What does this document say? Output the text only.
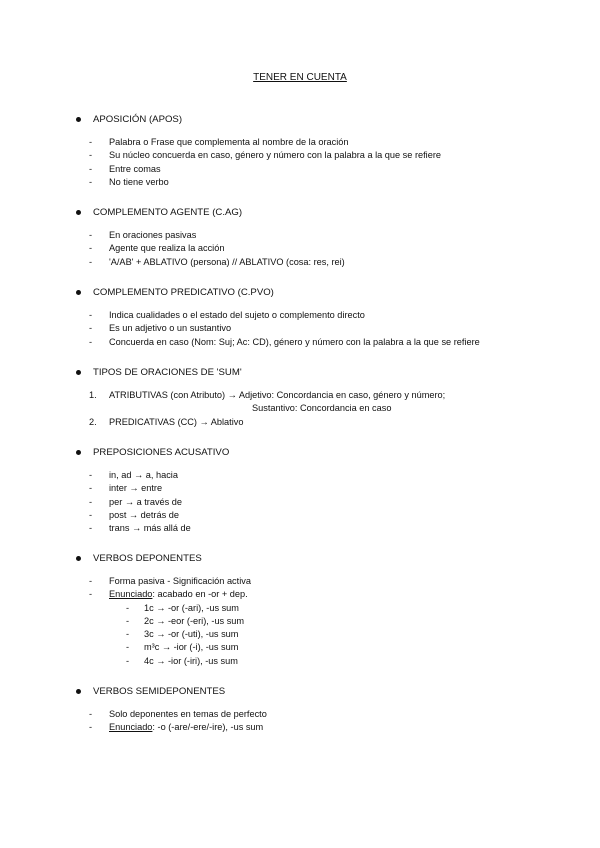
TENER EN CUENTA
APOSICIÓN (APOS)
- Palabra o Frase que complementa al nombre de la oración
- Su núcleo concuerda en caso, género y número con la palabra a la que se refiere
- Entre comas
- No tiene verbo
COMPLEMENTO AGENTE (C.AG)
- En oraciones pasivas
- Agente que realiza la acción
- 'A/AB' + ABLATIVO (persona) // ABLATIVO (cosa: res, rei)
COMPLEMENTO PREDICATIVO (C.PVO)
- Indica cualidades o el estado del sujeto o complemento directo
- Es un adjetivo o un sustantivo
- Concuerda en caso (Nom: Suj; Ac: CD), género y número con la palabra a la que se refiere
TIPOS DE ORACIONES DE 'SUM'
1. ATRIBUTIVAS (con Atributo) → Adjetivo: Concordancia en caso, género y número;
Sustantivo: Concordancia en caso
2. PREDICATIVAS (CC) → Ablativo
PREPOSICIONES ACUSATIVO
- in, ad → a, hacia
- inter → entre
- per → a través de
- post → detrás de
- trans → más allá de
VERBOS DEPONENTES
- Forma pasiva - Significación activa
- Enunciado: acabado en -or + dep.
- 1c → -or (-ari), -us sum
- 2c → -eor (-eri), -us sum
- 3c → -or (-uti), -us sum
- m³c → -ior (-i), -us sum
- 4c → -ior (-iri), -us sum
VERBOS SEMIDEPONENTES
- Solo deponentes en temas de perfecto
- Enunciado: -o (-are/-ere/-ire), -us sum
